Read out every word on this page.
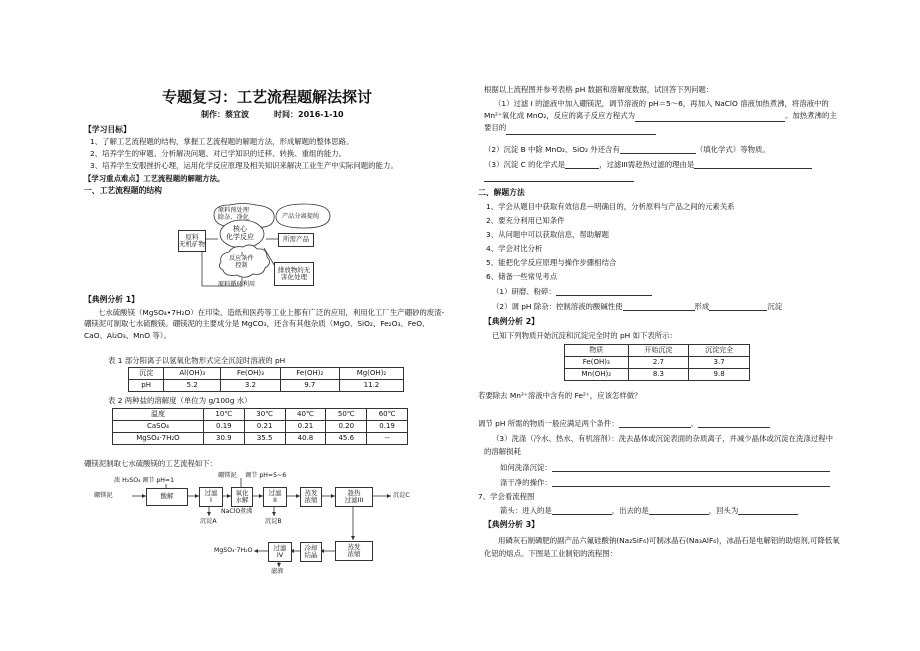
专题复习：工艺流程题解法探讨
制作：蔡宜波	时间：2016-1-10
【学习目标】
1、了解工艺流程题的结构，掌握工艺流程题的解题方法，形成解题的整体思路。
2、培养学生的审题、分析解决问题、对已学知识的迁移、转换、重组的能力。
3、培养学生安服挫折心理，运用化学反应原理及相关知识来解决工业生产中实际问题的能力。
【学习重点难点】工艺流程题的解题方法。
一、工艺流程题的结构
原料
无机矿物
原料预处理
除杂、净化
核心
化学反应
产品分离提纯
所需产品
反应条件
控制
原料循环利用
排放物的无
害化处理
【典例分析 1】
七水硫酸镁（MgSO₄•7H₂O）在印染、造纸和医药等工业上都有广泛的应用，利用化工厂生产硼砂的废渣-硼镁泥可制取七水硫酸镁。硼镁泥的主要成分是 MgCO₃，还含有其他杂质（MgO、SiO₂、Fe₂O₃、FeO、CaO、Al₂O₃、MnO 等）。
表 1 部分阳离子以氢氧化物形式完全沉淀时溶液的 pH
沉淀	Al(OH)₃	Fe(OH)₃	Fe(OH)₂	Mg(OH)₂
pH	5.2	3.2	9.7	11.2
表 2 两种盐的溶解度（单位为 g/100g 水）
温度	10℃	30℃	40℃	50℃	60℃
CaSO₄	0.19	0.21	0.21	0.20	0.19
MgSO₄·7H₂O	30.9	35.5	40.8	45.6	--
硼镁泥制取七水硫酸镁的工艺流程如下：
浓 H₂SO₄ 调节 pH=1
硼镁泥
硼镁泥 调节 pH=5~6
酸解	过滤
I
氧化
水解
过滤
II
蒸发
浓缩
趁热
过滤III
蒸发
浓缩
冷却
结晶
过滤
IV
NaClO 煮沸
沉淀A	沉淀B
沉淀C
MgSO₄·7H₂O
滤液
根据以上流程图并参考表格 pH 数据和溶解度数据，试回答下列问题：
（1）过滤 I 的滤液中加入硼镁泥，调节溶液的 pH＝5～6，再加入 NaClO 溶液加热煮沸，将溶液中的 Mn²⁺氧化成 MnO₂，反应的离子反应方程式为	。加热煮沸的主要目的
（2）沉淀 B 中除 MnO₂、SiO₂ 外还含有	（填化学式）等物质。
（3）沉淀 C 的化学式是	，过滤III需趁热过滤的理由是
二、解题方法
1、学会从题目中获取有效信息—明确目的，分析原料与产品之间的元素关系
2、要充分利用已知条件
3、从问题中可以获取信息，帮助解题
4、学会对比分析
5、能把化学反应原理与操作步骤相结合
6、储备一些常见考点
（1）研磨、粉碎：
（2）调 pH 除杂：控制溶液的酸碱性使	形成	沉淀
【典例分析 2】
已知下列物质开始沉淀和沉淀完全时的 pH 如下表所示：
物质	开始沉淀	沉淀完全
Fe(OH)₃	2.7	3.7
Mn(OH)₂	8.3	9.8
若要除去 Mn²⁺溶液中含有的 Fe²⁺，应该怎样做？
调节 pH 所需的物质一般应满足两个条件：	、
（3）洗涤（冷水、热水、有机溶剂）：洗去晶体或沉淀表面的杂质离子，并减少晶体或沉淀在洗涤过程中的溶解损耗
如何洗涤沉淀：
涤干净的操作：
7、学会看流程图
箭头：进入的是	，出去的是	，回头为
【典例分析 3】
用磷灰石制磷肥的副产品六氟硅酸钠(Na₂SiF₆)可制冰晶石(Na₃AlF₆)，冰晶石是电解铝的助熔剂,可降低氧化铝的熔点。下图是工业制铝的流程图：
